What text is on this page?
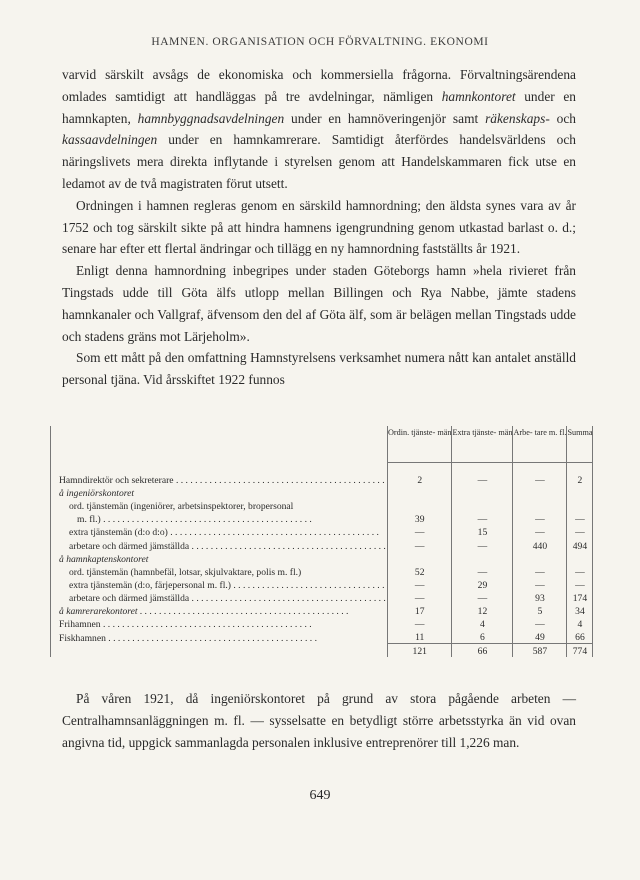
HAMNEN. ORGANISATION OCH FÖRVALTNING. EKONOMI

varvid särskilt avsågs de ekonomiska och kommersiella frågorna. Förvaltningsärendena omlades samtidigt att handläggas på tre avdelningar, nämligen hamnkontoret under en hamnkapten, hamnbyggnadsavdelningen under en hamnöveringenjör samt räkenskaps- och kassaavdelningen under en hamnkamrerare. Samtidigt återfördes handelsvärldens och näringslivets mera direkta inflytande i styrelsen genom att Handelskammaren fick utse en ledamot av de två magistraten förut utsett.

Ordningen i hamnen regleras genom en särskild hamnordning; den äldsta synes vara av år 1752 och tog särskilt sikte på att hindra hamnens igengrundning genom utkastad barlast o. d.; senare har efter ett flertal ändringar och tillägg en ny hamnordning fastställts år 1921.

Enligt denna hamnordning inbegripes under staden Göteborgs hamn »hela rivieret från Tingstads udde till Göta älfs utlopp mellan Billingen och Rya Nabbe, jämte stadens hamnkanaler och Vallgraf, äfvensom den del af Göta älf, som är belägen mellan Tingstads udde och stadens gräns mot Lärjeholm».

Som ett mått på den omfattning Hamnstyrelsens verksamhet numera nått kan antalet anställd personal tjäna. Vid årsskiftet 1922 funnos

	Ordin. tjänste- män	Extra tjänste- män	Arbe- tare m. fl.	Summa

Hamndirektör och sekreterare . . .	2	—	—	2
å ingeniörskontoret				
ord. tjänstemän (ingeniörer, arbetsinspektorer, bropersonal				
m. fl.) . . .	39	—	—	—
extra tjänstemän (d:o d:o) . . .	—	15	—	—
arbetare och därmed jämställda . . .	—	—	440	494
å hamnkaptenskontoret				
ord. tjänstemän (hamnbefäl, lotsar, skjulvaktare, polis m. fl.)	52	—	—	—
extra tjänstemän (d:o, färjepersonal m. fl.) . . .	—	29	—	—
arbetare och därmed jämställda . . .	—	—	93	174
å kamrerarekontoret . . .	17	12	5	34
Frihamnen . . .	—	4	—	4
Fiskhamnen . . .	11	6	49	66
	121	66	587	774

På våren 1921, då ingeniörskontoret på grund av stora pågående arbeten — Centralhamnsanläggningen m. fl. — sysselsatte en betydligt större arbetsstyrka än vid ovan angivna tid, uppgick sammanlagda personalen inklusive entreprenörer till 1,226 man.

649
